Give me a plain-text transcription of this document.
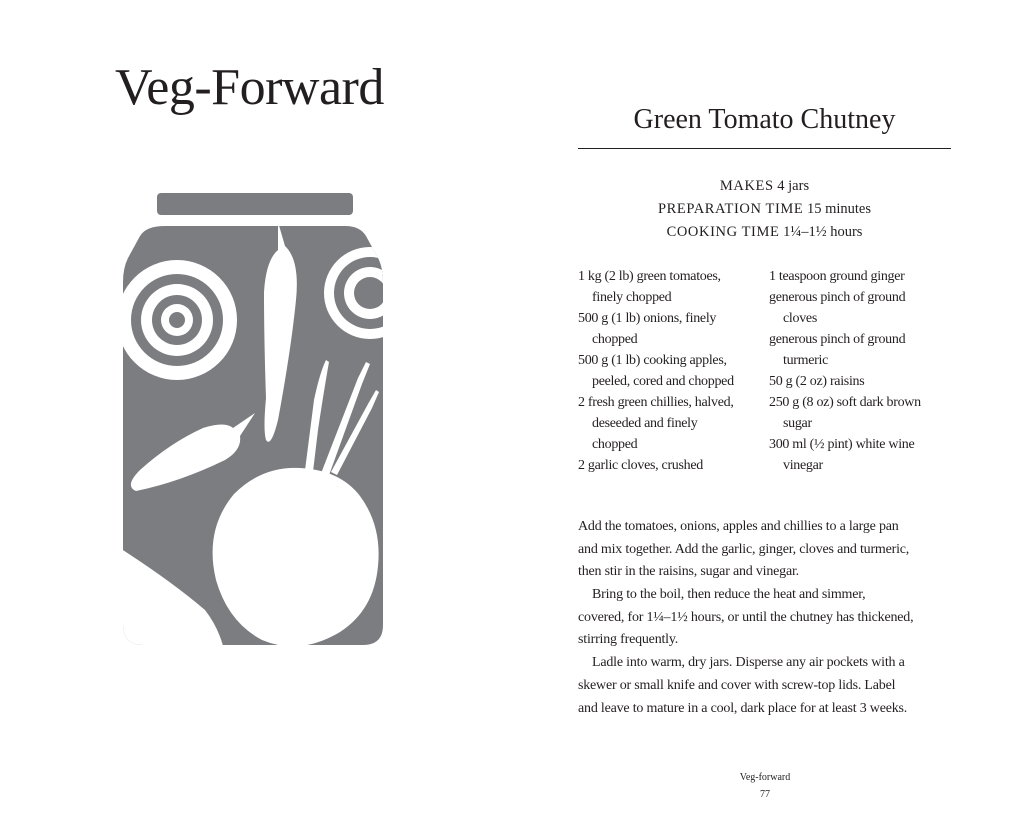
Veg-Forward
Green Tomato Chutney
MAKES 4 jars
PREPARATION TIME 15 minutes
COOKING TIME 1¼–1½ hours
1 kg (2 lb) green tomatoes,
finely chopped
500 g (1 lb) onions, finely
chopped
500 g (1 lb) cooking apples,
peeled, cored and chopped
2 fresh green chillies, halved,
deseeded and finely
chopped
2 garlic cloves, crushed
1 teaspoon ground ginger
generous pinch of ground
cloves
generous pinch of ground
turmeric
50 g (2 oz) raisins
250 g (8 oz) soft dark brown
sugar
300 ml (½ pint) white wine
vinegar
Add the tomatoes, onions, apples and chillies to a large pan
and mix together. Add the garlic, ginger, cloves and turmeric,
then stir in the raisins, sugar and vinegar.
Bring to the boil, then reduce the heat and simmer,
covered, for 1¼–1½ hours, or until the chutney has thickened,
stirring frequently.
Ladle into warm, dry jars. Disperse any air pockets with a
skewer or small knife and cover with screw-top lids. Label
and leave to mature in a cool, dark place for at least 3 weeks.
Veg-forward
77
